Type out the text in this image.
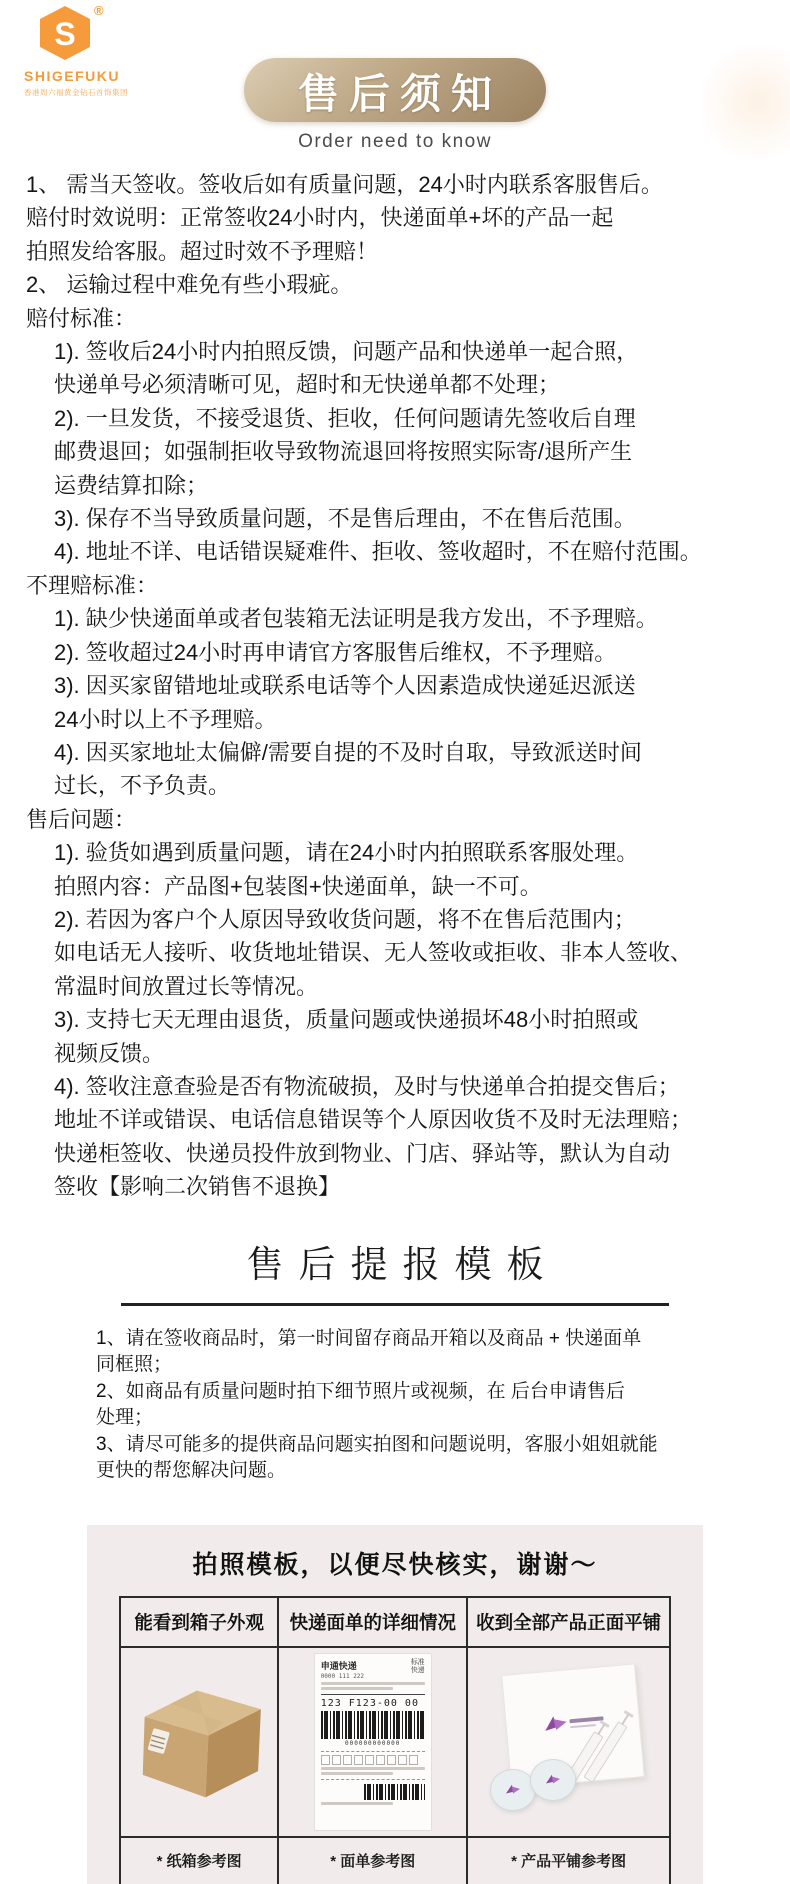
S
®
SHIGEFUKU
香港周六福黄金钻石首饰集团	售后须知
Order need to know
1、 需当天签收。签收后如有质量问题，24小时内联系客服售后。
赔付时效说明：正常签收24小时内，快递面单+坏的产品一起
拍照发给客服。超过时效不予理赔！
2、 运输过程中难免有些小瑕疵。
赔付标准：
1). 签收后24小时内拍照反馈，问题产品和快递单一起合照，
快递单号必须清晰可见，超时和无快递单都不处理；
2). 一旦发货，不接受退货、拒收，任何问题请先签收后自理
邮费退回；如强制拒收导致物流退回将按照实际寄/退所产生
运费结算扣除；
3). 保存不当导致质量问题，不是售后理由，不在售后范围。
4). 地址不详、电话错误疑难件、拒收、签收超时，不在赔付范围。
不理赔标准：
1). 缺少快递面单或者包装箱无法证明是我方发出，不予理赔。
2). 签收超过24小时再申请官方客服售后维权，不予理赔。
3). 因买家留错地址或联系电话等个人因素造成快递延迟派送
24小时以上不予理赔。
4). 因买家地址太偏僻/需要自提的不及时自取，导致派送时间
过长，不予负责。
售后问题：
1). 验货如遇到质量问题，请在24小时内拍照联系客服处理。
拍照内容：产品图+包装图+快递面单，缺一不可。
2). 若因为客户个人原因导致收货问题，将不在售后范围内；
如电话无人接听、收货地址错误、无人签收或拒收、非本人签收、
常温时间放置过长等情况。
3). 支持七天无理由退货，质量问题或快递损坏48小时拍照或
视频反馈。
4). 签收注意查验是否有物流破损，及时与快递单合拍提交售后；
地址不详或错误、电话信息错误等个人原因收货不及时无法理赔；
快递柜签收、快递员投件放到物业、门店、驿站等，默认为自动
签收【影响二次销售不退换】
售后提报模板
1、请在签收商品时，第一时间留存商品开箱以及商品 + 快递面单
同框照；
2、如商品有质量问题时拍下细节照片或视频，在 后台申请售后
处理；
3、请尽可能多的提供商品问题实拍图和问题说明，客服小姐姐就能
更快的帮您解决问题。
拍照模板，以便尽快核实，谢谢～
能看到箱子外观	快递面单的详细情况	收到全部产品正面平铺
申通快递
0000 111 222
标准
快递
123 F123-00 00
000000000000
* 纸箱参考图	* 面单参考图	* 产品平铺参考图
